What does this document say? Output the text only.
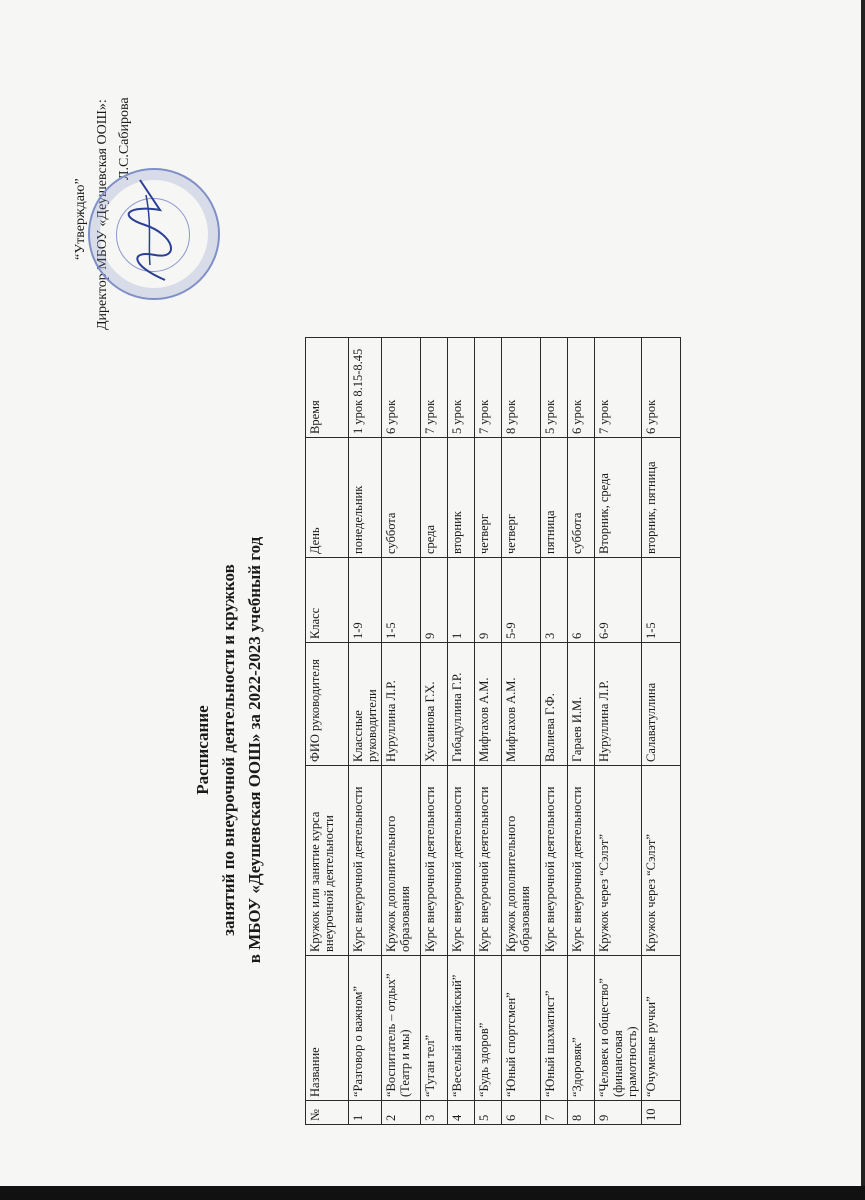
“Утверждаю” Директор МБОУ «Деушевская ООШ»: Л.С.Сабирова
Расписание занятий по внеурочной деятельности и кружков в МБОУ «Деушевская ООШ» за 2022-2023 учебный год
№	Название	Кружок или занятие курса внеурочной деятельности	ФИО руководителя	Класс	День	Время
1	“Разговор о важном”	Курс внеурочной деятельности	Классные руководители	1-9	понедельник	1 урок 8.15-8.45
2	“Воспитатель – отдых” (Театр и мы)	Кружок дополнительного образования	Нуруллина Л.Р.	1-5	суббота	6 урок
3	“Туган тел”	Курс внеурочной деятельности	Хусаинова Г.Х.	9	среда	7 урок
4	“Веселый английский”	Курс внеурочной деятельности	Гибадуллина Г.Р.	1	вторник	5 урок
5	“Будь здоров”	Курс внеурочной деятельности	Мифтахов А.М.	9	четверг	7 урок
6	“Юный спортсмен”	Кружок дополнительного образования	Мифтахов А.М.	5-9	четверг	8 урок
7	“Юный шахматист”	Курс внеурочной деятельности	Валиева Г.Ф.	3	пятница	5 урок
8	“Здоровяк”	Курс внеурочной деятельности	Гараев И.М.	6	суббота	6 урок
9	“Человек и общество” (финансовая грамотность)	Кружок через “Сэлэт”	Нуруллина Л.Р.	6-9	Вторник, среда	7 урок
10	“Очумелые ручки”	Кружок через “Сэлэт”	Салаватуллина	1-5	вторник, пятница	6 урок
